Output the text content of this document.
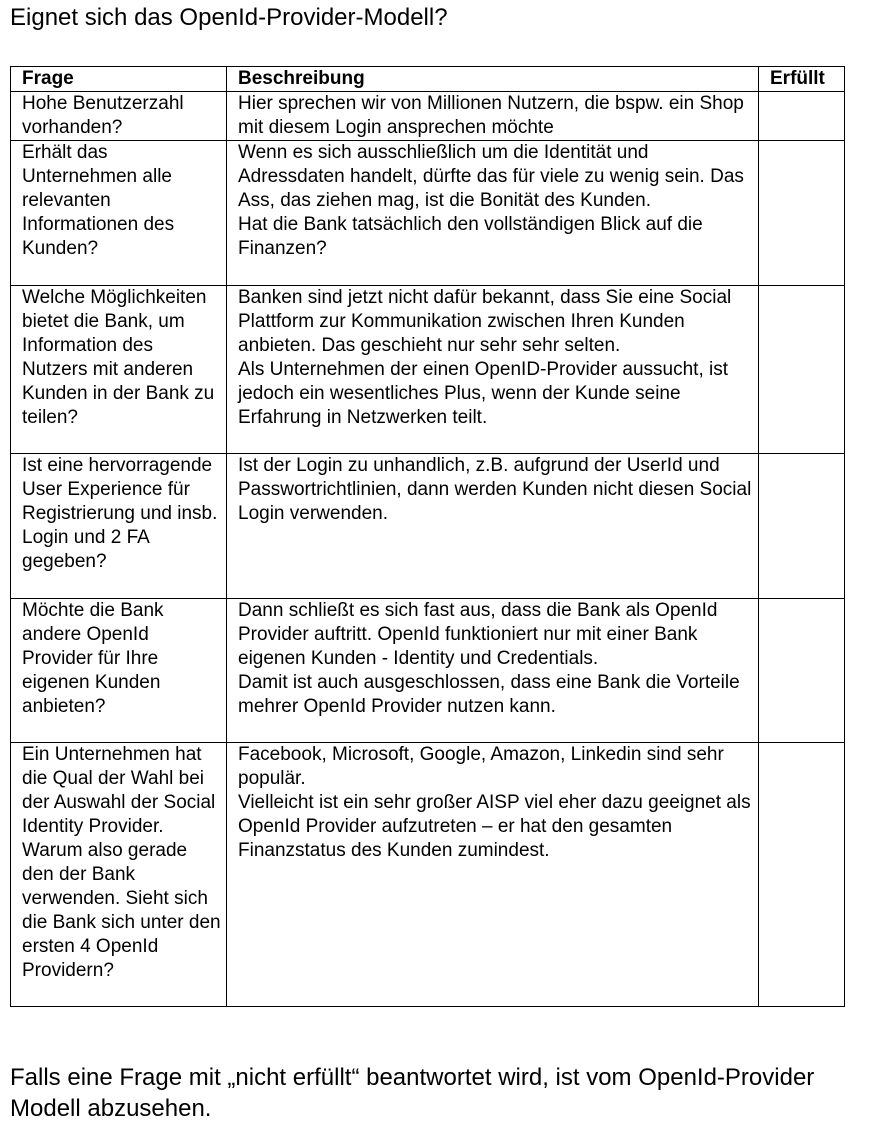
Eignet sich das OpenId-Provider-Modell?
Frage	Beschreibung	Erfüllt
Hohe Benutzerzahl vorhanden?	Hier sprechen wir von Millionen Nutzern, die bspw. ein Shop mit diesem Login ansprechen möchte	

Erhält das Unternehmen alle relevanten Informationen des Kunden?	Wenn es sich ausschließlich um die Identität und Adressdaten handelt, dürfte das für viele zu wenig sein. Das Ass, das ziehen mag, ist die Bonität des Kunden.
Hat die Bank tatsächlich den vollständigen Blick auf die Finanzen?	

Welche Möglichkeiten bietet die Bank, um Information des Nutzers mit anderen Kunden in der Bank zu teilen?	Banken sind jetzt nicht dafür bekannt, dass Sie eine Social Plattform zur Kommunikation zwischen Ihren Kunden anbieten. Das geschieht nur sehr sehr selten.
Als Unternehmen der einen OpenID-Provider aussucht, ist jedoch ein wesentliches Plus, wenn der Kunde seine Erfahrung in Netzwerken teilt.	

Ist eine hervorragende User Experience für Registrierung und insb. Login und 2 FA gegeben?	Ist der Login zu unhandlich, z.B. aufgrund der UserId und Passwortrichtlinien, dann werden Kunden nicht diesen Social Login verwenden.	

Möchte die Bank andere OpenId Provider für Ihre eigenen Kunden anbieten?	Dann schließt es sich fast aus, dass die Bank als OpenId Provider auftritt. OpenId funktioniert nur mit einer Bank eigenen Kunden - Identity und Credentials.
Damit ist auch ausgeschlossen, dass eine Bank die Vorteile mehrer OpenId Provider nutzen kann.	

Ein Unternehmen hat die Qual der Wahl bei der Auswahl der Social Identity Provider. Warum also gerade den der Bank verwenden. Sieht sich die Bank sich unter den ersten 4 OpenId Providern?	Facebook, Microsoft, Google, Amazon, Linkedin sind sehr populär.
Vielleicht ist ein sehr großer AISP viel eher dazu geeignet als OpenId Provider aufzutreten – er hat den gesamten Finanzstatus des Kunden zumindest.	

Falls eine Frage mit „nicht erfüllt“ beantwortet wird, ist vom OpenId-Provider Modell abzusehen.
